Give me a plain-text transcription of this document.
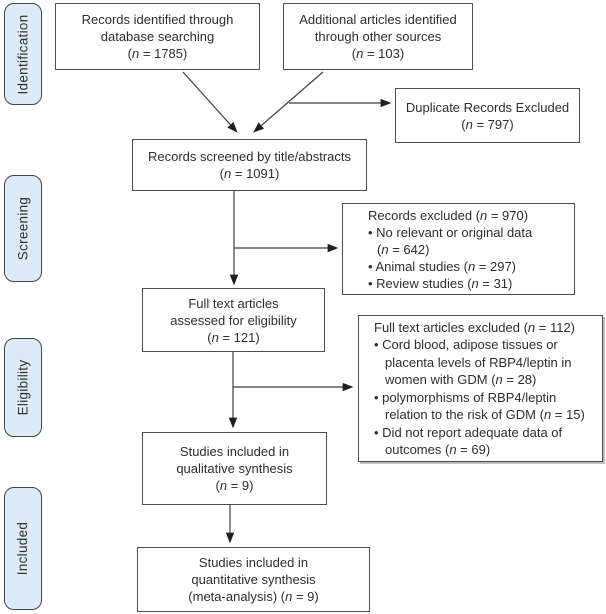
Identification
Screening
Eligibility
Included
Records identified through
database searching
(n = 1785)
Additional articles identified
through other sources
(n = 103)
Duplicate Records Excluded
(n = 797)
Records screened by title/abstracts
(n = 1091)
Records excluded (n = 970)
• No relevant or original data
(n = 642)
• Animal studies (n = 297)
• Review studies (n = 31)
Full text articles
assessed for eligibility
(n = 121)
Full text articles excluded (n = 112)
• Cord blood, adipose tissues or
placenta levels of RBP4/leptin in
women with GDM (n = 28)
• polymorphisms of RBP4/leptin
relation to the risk of GDM (n = 15)
• Did not report adequate data of
outcomes (n = 69)
Studies included in
qualitative synthesis
(n = 9)
Studies included in
quantitative synthesis
(meta-analysis) (n = 9)
